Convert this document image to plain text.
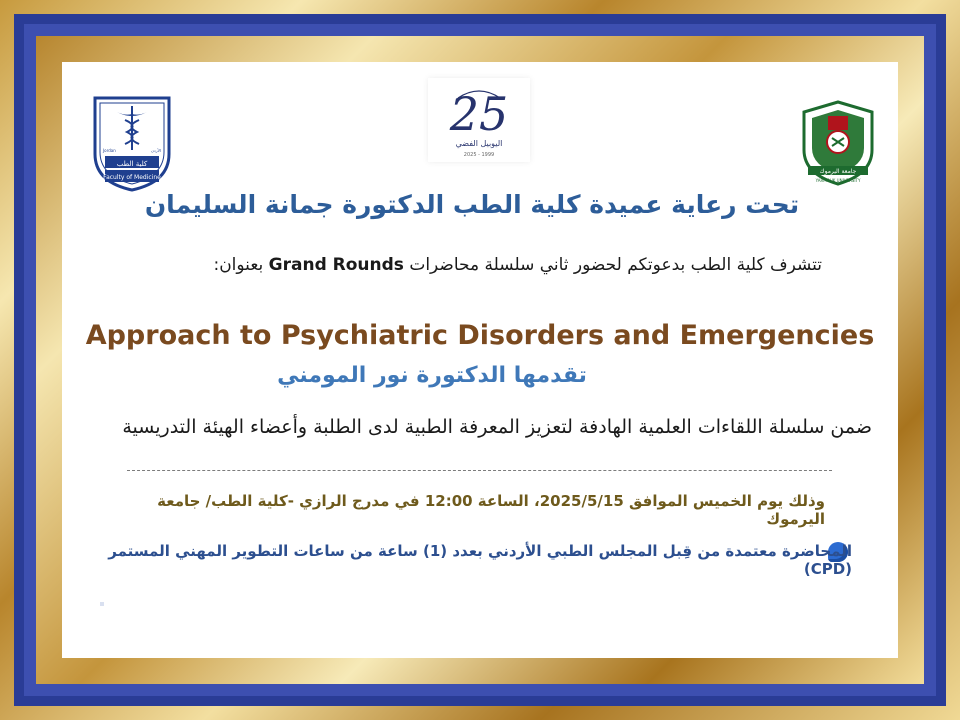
كلية الطب
Faculty of Medicine
Jordan	الأردن
25
اليوبيل الفضي
2025 - 1999
جامعة اليرموك
YARMOUK UNIVERSITY
تحت رعاية عميدة كلية الطب الدكتورة جمانة السليمان
تتشرف كلية الطب بدعوتكم لحضور ثاني سلسلة محاضرات Grand Rounds بعنوان:
Approach to Psychiatric Disorders and Emergencies
تقدمها الدكتورة نور المومني
ضمن سلسلة اللقاءات العلمية الهادفة لتعزيز المعرفة الطبية لدى الطلبة وأعضاء الهيئة التدريسية
وذلك يوم الخميس الموافق 2025/5/15، الساعة 12:00 في مدرج الرازي -كلية الطب/ جامعة اليرموك
المحاضرة معتمدة من قِبل المجلس الطبي الأردني بعدد (1) ساعة من ساعات التطوير المهني المستمر (CPD)
